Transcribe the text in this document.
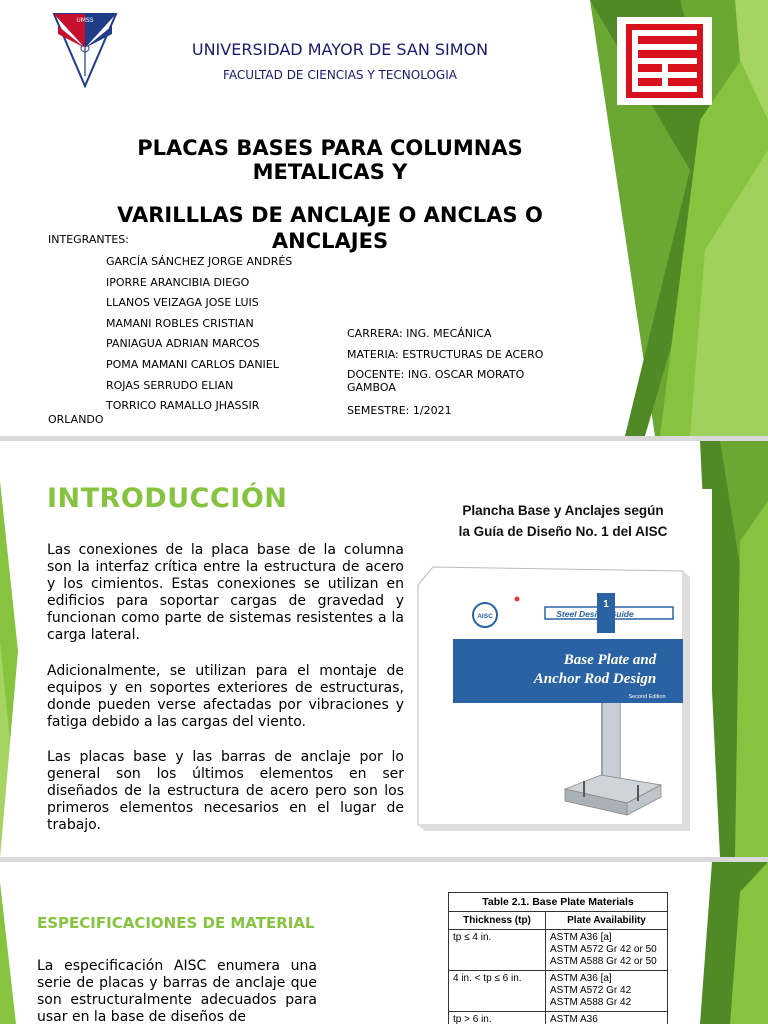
UMSS
UNIVERSIDAD MAYOR DE SAN SIMON
FACULTAD DE CIENCIAS Y TECNOLOGIA
PLACAS BASES PARA COLUMNAS METALICAS Y
VARILLLAS DE ANCLAJE O ANCLAS O ANCLAJES
INTEGRANTES:
GARCÍA SÁNCHEZ JORGE ANDRÉS
IPORRE ARANCIBIA DIEGO
LLANOS VEIZAGA JOSE LUIS
MAMANI ROBLES CRISTIAN
PANIAGUA ADRIAN MARCOS
POMA MAMANI CARLOS DANIEL
ROJAS SERRUDO ELIAN
TORRICO RAMALLO JHASSIR
ORLANDO
CARRERA: ING. MECÁNICA
MATERIA: ESTRUCTURAS DE ACERO
DOCENTE: ING. OSCAR MORATO GAMBOA
SEMESTRE: 1/2021
INTRODUCCIÓN

Las conexiones de la placa base de la columna son la interfaz crítica entre la estructura de acero y los cimientos. Estas conexiones se utilizan en edificios para soportar cargas de gravedad y funcionan como parte de sistemas resistentes a la carga lateral.

Adicionalmente, se utilizan para el montaje de equipos y en soportes exteriores de estructuras, donde pueden verse afectadas por vibraciones y fatiga debido a las cargas del viento.

Las placas base y las barras de anclaje por lo general son los últimos elementos en ser diseñados de la estructura de acero pero son los primeros elementos necesarios en el lugar de trabajo.

Plancha Base y Anclajes según
la Guía de Diseño No. 1 del AISC
AISC
1
Steel Design Guide
Base Plate and
Anchor Rod Design
Second Edition
ESPECIFICACIONES DE MATERIAL

La especificación AISC enumera una serie de placas y barras de anclaje que son estructuralmente adecuados para usar en la base de diseños de

Table 2.1. Base Plate Materials
Thickness (tp)	Plate Availability
tp ≤ 4 in.	ASTM A36 [a]
ASTM A572 Gr 42 or 50
ASTM A588 Gr 42 or 50

4 in. < tp ≤ 6 in.	ASTM A36 [a]
ASTM A572 Gr 42
ASTM A588 Gr 42

tp > 6 in.	ASTM A36
